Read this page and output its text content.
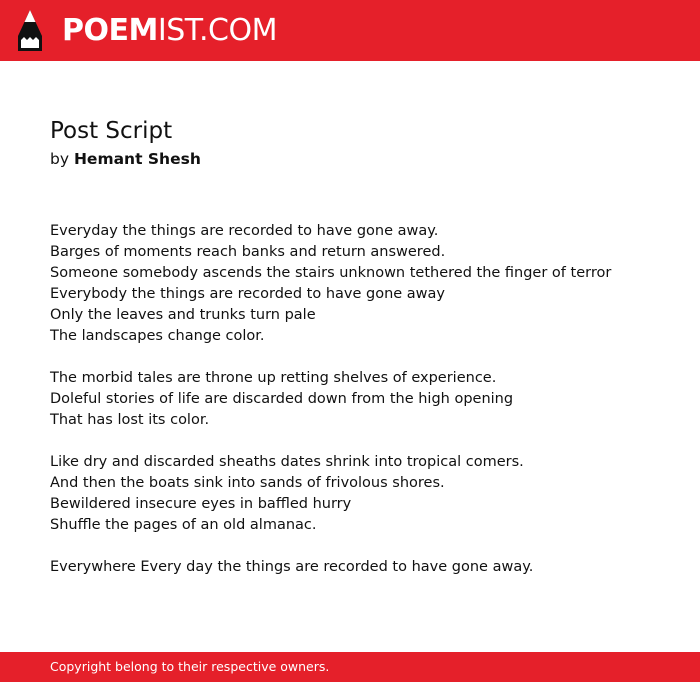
POEMIST.COM
Post Script
by Hemant Shesh
Everyday the things are recorded to have gone away.
Barges of moments reach banks and return answered.
Someone somebody ascends the stairs unknown tethered the finger of terror
Everybody the things are recorded to have gone away
Only the leaves and trunks turn pale
The landscapes change color.
The morbid tales are throne up retting shelves of experience.
Doleful stories of life are discarded down from the high opening
That has lost its color.
Like dry and discarded sheaths dates shrink into tropical comers.
And then the boats sink into sands of frivolous shores.
Bewildered insecure eyes in baffled hurry
Shuffle the pages of an old almanac.
Everywhere Every day the things are recorded to have gone away.
Copyright belong to their respective owners.
